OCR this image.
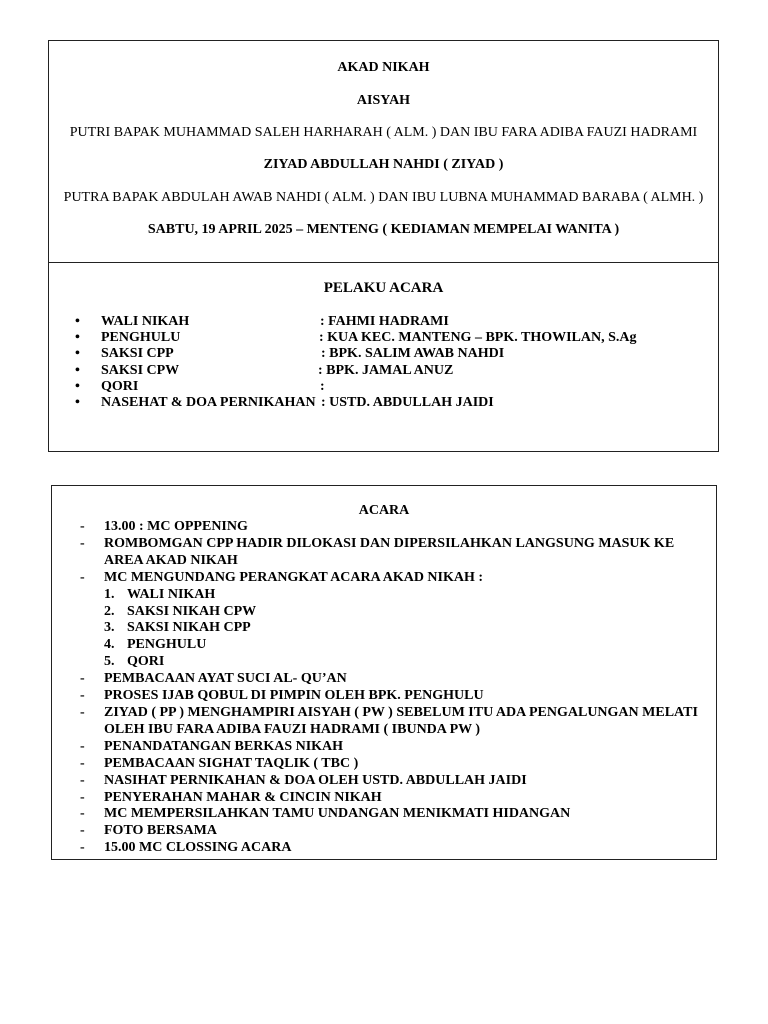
AKAD NIKAH
AISYAH
PUTRI BAPAK MUHAMMAD SALEH HARHARAH ( ALM. ) DAN IBU FARA ADIBA FAUZI HADRAMI
ZIYAD ABDULLAH NAHDI ( ZIYAD )
PUTRA BAPAK ABDULAH AWAB NAHDI ( ALM. ) DAN IBU LUBNA MUHAMMAD BARABA ( ALMH. )
SABTU, 19 APRIL 2025 – MENTENG ( KEDIAMAN MEMPELAI WANITA )
PELAKU ACARA
• WALI NIKAH	: FAHMI HADRAMI
• PENGHULU	: KUA KEC. MANTENG – BPK. THOWILAN, S.Ag
• SAKSI CPP	: BPK. SALIM AWAB NAHDI
• SAKSI CPW	: BPK. JAMAL ANUZ
• QORI	:
• NASEHAT & DOA PERNIKAHAN : USTD. ABDULLAH JAIDI
ACARA
- 13.00 : MC OPPENING
- ROMBOMGAN CPP HADIR DILOKASI DAN DIPERSILAHKAN LANGSUNG MASUK KE AREA AKAD NIKAH
- MC MENGUNDANG PERANGKAT ACARA AKAD NIKAH :
1. WALI NIKAH
2. SAKSI NIKAH CPW
3. SAKSI NIKAH CPP
4. PENGHULU
5. QORI
- PEMBACAAN AYAT SUCI AL- QU’AN
- PROSES IJAB QOBUL DI PIMPIN OLEH BPK. PENGHULU
- ZIYAD ( PP ) MENGHAMPIRI AISYAH ( PW ) SEBELUM ITU ADA PENGALUNGAN MELATI OLEH IBU FARA ADIBA FAUZI HADRAMI ( IBUNDA PW )
- PENANDATANGAN BERKAS NIKAH
- PEMBACAAN SIGHAT TAQLIK ( TBC )
- NASIHAT PERNIKAHAN & DOA OLEH USTD. ABDULLAH JAIDI
- PENYERAHAN MAHAR & CINCIN NIKAH
- MC MEMPERSILAHKAN TAMU UNDANGAN MENIKMATI HIDANGAN
- FOTO BERSAMA
- 15.00 MC CLOSSING ACARA
